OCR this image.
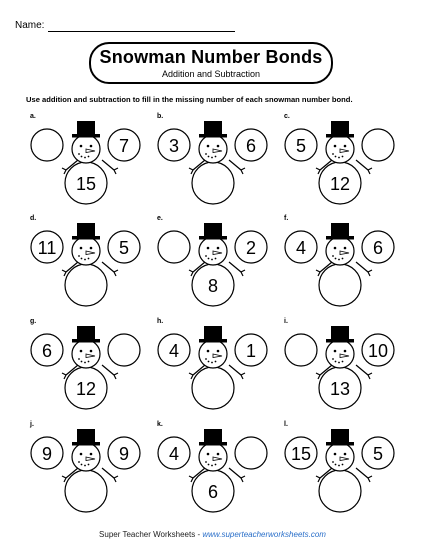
Name:
Snowman Number Bonds
Addition and Subtraction
Use addition and subtraction to fill in the missing number of each snowman number bond.
a.
7
15
b.
3	6
c.
5
12
d.
11	5
e.
2
8
f.
4	6
g.
6
12
h.
4	1
i.
10
13
j.
9	9
k.
4
6
l.
15	5
Super Teacher Worksheets - www.superteacherworksheets.com
